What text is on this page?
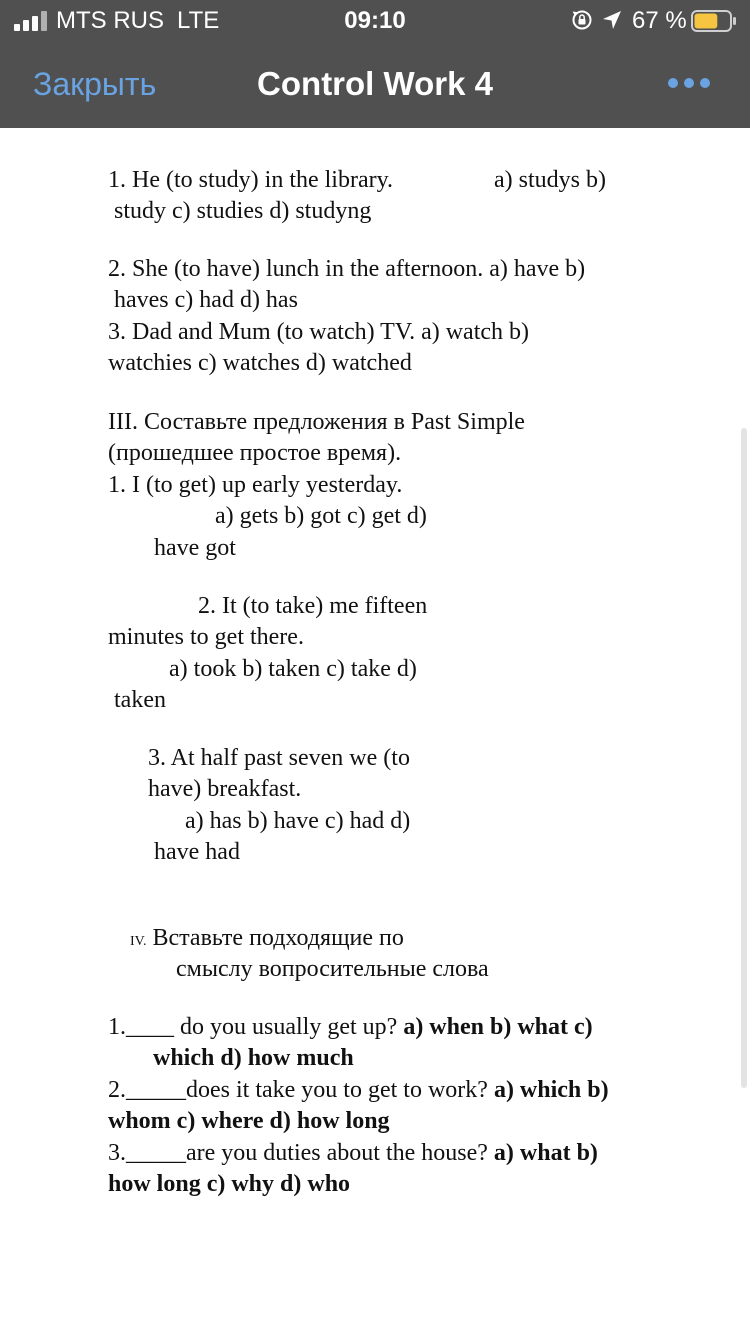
MTS RUS LTE	09:10	67 %
Закрыть	Control Work 4
1. He (to study) in the library.	a) studys b)
study c) studies d) studyng
2. She (to have) lunch in the afternoon. a) have b)
haves c) had d) has
3. Dad and Mum (to watch) TV. a) watch b)
watchies c) watches d) watched
III. Составьте предложения в Past Simple
(прошедшее простое время).
1. I (to get) up early yesterday.
a) gets b) got c) get d)
have got
2. It (to take) me fifteen
minutes to get there.
a) took b) taken c) take d)
taken
3. At half past seven we (to
have) breakfast.
a) has b) have c) had d)
have had
IV. Вставьте подходящие по
смыслу вопросительные слова
1.____ do you usually get up? a) when b) what c)
which d) how much
2._____does it take you to get to work? a) which b)
whom c) where d) how long
3._____are you duties about the house? a) what b)
how long c) why d) who
